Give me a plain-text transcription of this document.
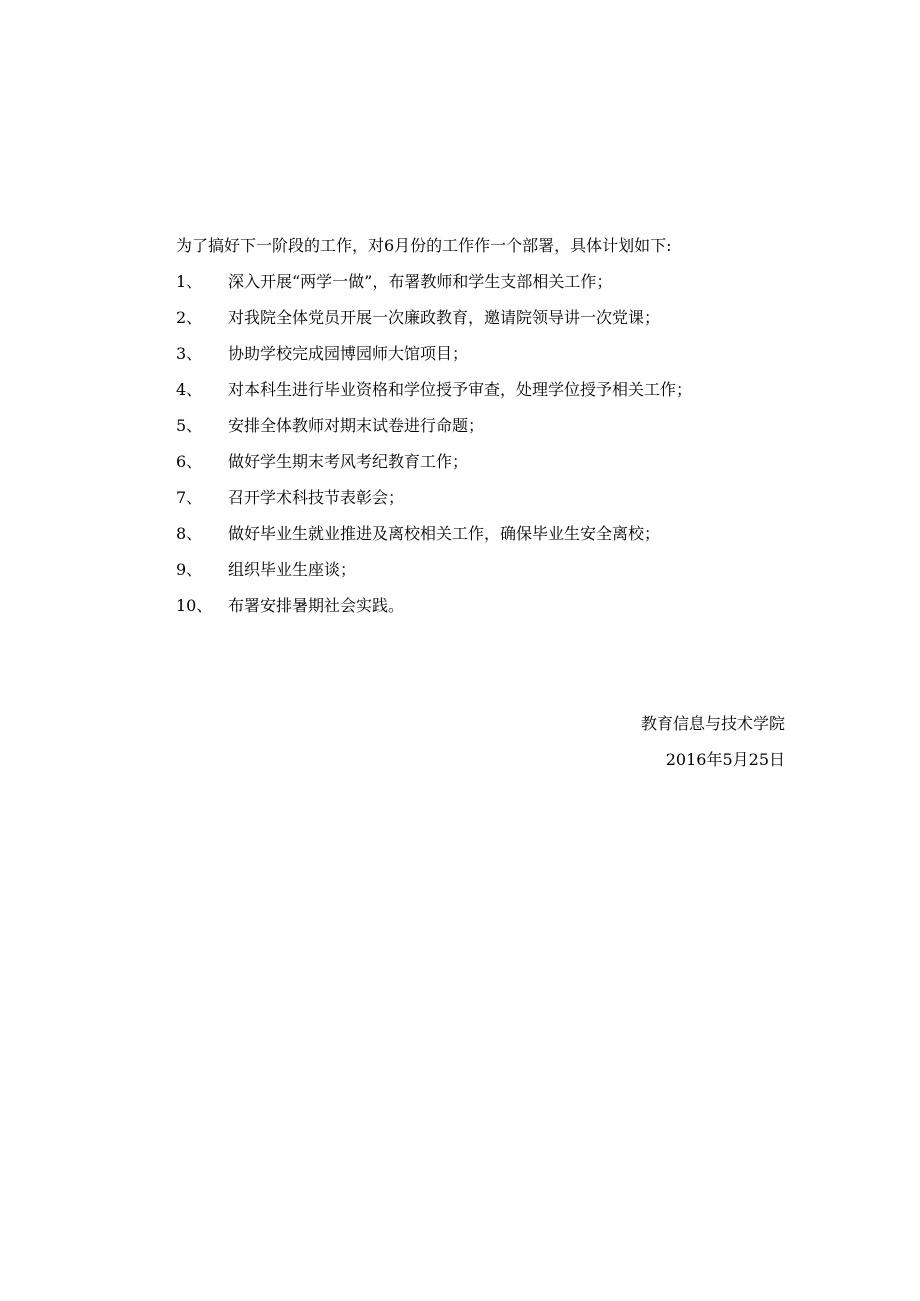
为了搞好下一阶段的工作，对6月份的工作作一个部署，具体计划如下:
1、	深入开展“两学一做”，布署教师和学生支部相关工作；
2、	对我院全体党员开展一次廉政教育，邀请院领导讲一次党课；
3、	协助学校完成园博园师大馆项目；
4、	对本科生进行毕业资格和学位授予审查，处理学位授予相关工作；
5、	安排全体教师对期末试卷进行命题；
6、	做好学生期末考风考纪教育工作；
7、	召开学术科技节表彰会；
8、	做好毕业生就业推进及离校相关工作，确保毕业生安全离校；
9、	组织毕业生座谈；
10、 布署安排暑期社会实践。
教育信息与技术学院
2016年5月25日
